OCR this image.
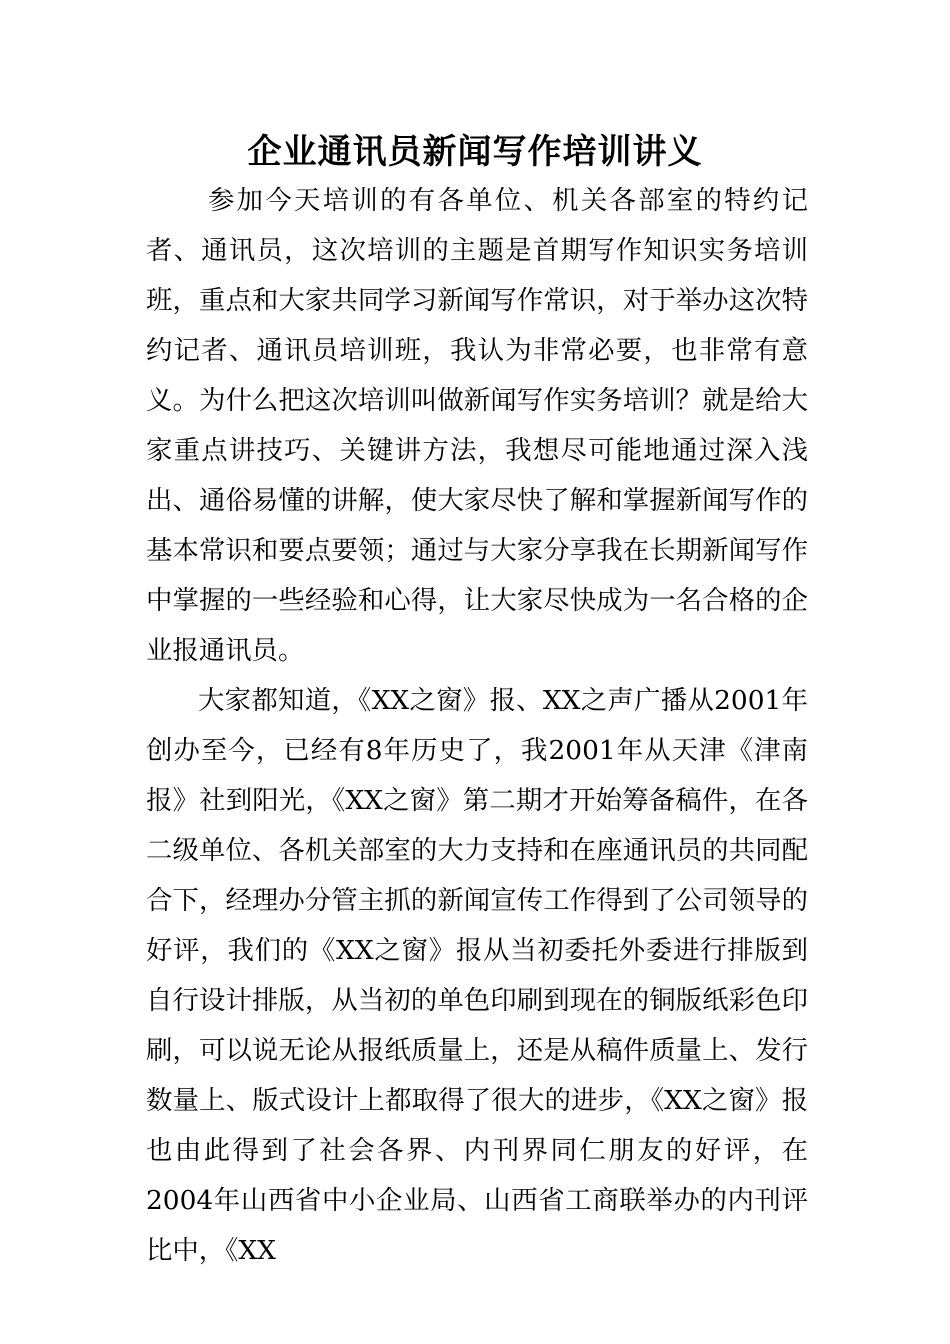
企业通讯员新闻写作培训讲义

参加今天培训的有各单位、机关各部室的特约记者、通讯员，这次培训的主题是首期写作知识实务培训班，重点和大家共同学习新闻写作常识，对于举办这次特约记者、通讯员培训班，我认为非常必要，也非常有意义。为什么把这次培训叫做新闻写作实务培训？就是给大家重点讲技巧、关键讲方法，我想尽可能地通过深入浅出、通俗易懂的讲解，使大家尽快了解和掌握新闻写作的基本常识和要点要领；通过与大家分享我在长期新闻写作中掌握的一些经验和心得，让大家尽快成为一名合格的企业报通讯员。

大家都知道，《XX之窗》报、XX之声广播从2001年创办至今，已经有8年历史了，我2001年从天津《津南报》社到阳光，《XX之窗》第二期才开始筹备稿件，在各二级单位、各机关部室的大力支持和在座通讯员的共同配合下，经理办分管主抓的新闻宣传工作得到了公司领导的好评，我们的《XX之窗》报从当初委托外委进行排版到自行设计排版，从当初的单色印刷到现在的铜版纸彩色印刷，可以说无论从报纸质量上，还是从稿件质量上、发行数量上、版式设计上都取得了很大的进步，《XX之窗》报也由此得到了社会各界、内刊界同仁朋友的好评，在2004年山西省中小企业局、山西省工商联举办的内刊评比中，《XX
